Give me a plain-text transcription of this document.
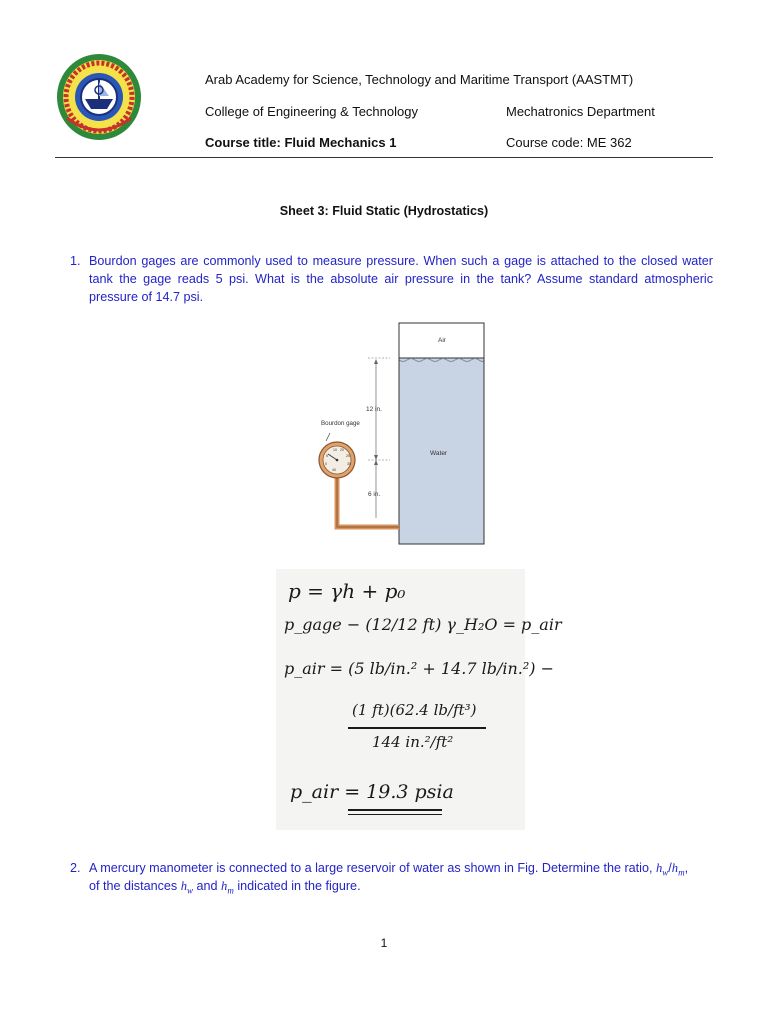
Arab Academy for Science, Technology and Maritime Transport (AASTMT)
College of Engineering & Technology	Mechatronics Department
Course title: Fluid Mechanics 1	Course code: ME 362
Sheet 3: Fluid Static (Hydrostatics)
1. Bourdon gages are commonly used to measure pressure. When such a gage is attached to the closed water tank the gage reads 5 psi. What is the absolute air pressure in the tank? Assume standard atmospheric pressure of 14.7 psi.
Air
Water
12 in.
6 in.
10 20
5	25
0	30
40
Bourdon gage
p = γh + p₀
p_gage − (12/12 ft) γ_H₂O = p_air
p_air = (5 lb/in.² + 14.7 lb/in.²) −
(1 ft)(62.4 lb/ft³)
144 in.²/ft²
p_air = 19.3 psia
2. A mercury manometer is connected to a large reservoir of water as shown in Fig. Determine the ratio, $h_w/h_m$,
of the distances $h_w$ and $h_m$ indicated in the figure.
1
